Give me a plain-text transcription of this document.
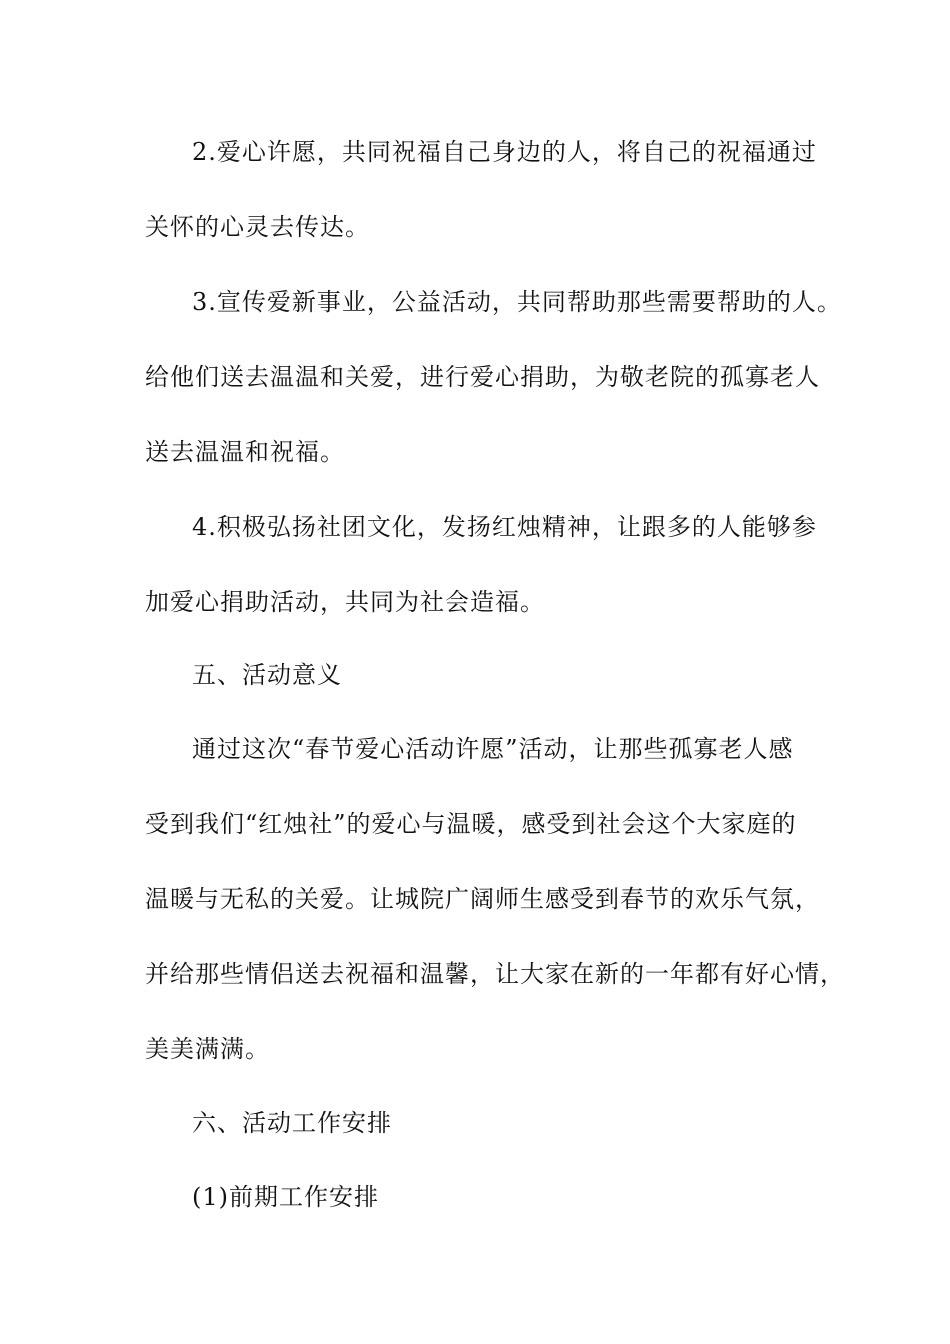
2.爱心许愿，共同祝福自己身边的人，将自己的祝福通过
关怀的心灵去传达。
3.宣传爱新事业，公益活动，共同帮助那些需要帮助的人。
给他们送去温温和关爱，进行爱心捐助，为敬老院的孤寡老人
送去温温和祝福。
4.积极弘扬社团文化，发扬红烛精神，让跟多的人能够参
加爱心捐助活动，共同为社会造福。
五、活动意义
通过这次“春节爱心活动许愿”活动，让那些孤寡老人感
受到我们“红烛社”的爱心与温暖，感受到社会这个大家庭的
温暖与无私的关爱。让城院广阔师生感受到春节的欢乐气氛，
并给那些情侣送去祝福和温馨，让大家在新的一年都有好心情，
美美满满。
六、活动工作安排
(1)前期工作安排
